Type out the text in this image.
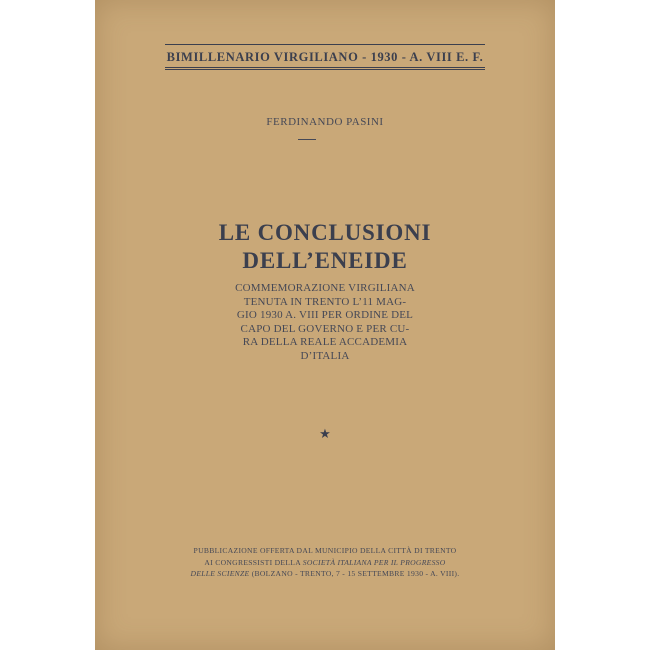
BIMILLENARIO VIRGILIANO - 1930 - A. VIII E. F.
FERDINANDO PASINI
LE CONCLUSIONI
DELL’ENEIDE
COMMEMORAZIONE VIRGILIANA
TENUTA IN TRENTO L’11 MAG-
GIO 1930 A. VIII PER ORDINE DEL
CAPO DEL GOVERNO E PER CU-
RA DELLA REALE ACCADEMIA
D’ITALIA
★
PUBBLICAZIONE OFFERTA DAL MUNICIPIO DELLA CITTÀ DI TRENTO
AI CONGRESSISTI DELLA SOCIETÀ ITALIANA PER IL PROGRESSO
DELLE SCIENZE (BOLZANO - TRENTO, 7 - 15 SETTEMBRE 1930 - A. VIII).
